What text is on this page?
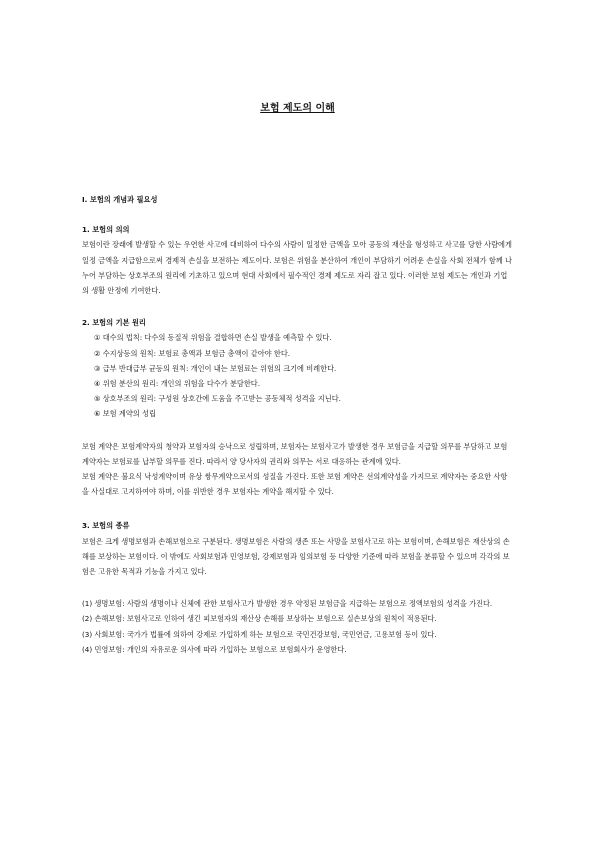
보험 제도의 이해

Ⅰ. 보험의 개념과 필요성

1. 보험의 의의

보험이란 장래에 발생할 수 있는 우연한 사고에 대비하여 다수의 사람이 일정한 금액을 모아 공동의 재산을 형성하고 사고를 당한 사람에게 일정 금액을 지급함으로써 경제적 손실을 보전하는 제도이다. 보험은 위험을 분산하여 개인이 부담하기 어려운 손실을 사회 전체가 함께 나누어 부담하는 상호부조의 원리에 기초하고 있으며 현대 사회에서 필수적인 경제 제도로 자리 잡고 있다. 이러한 보험 제도는 개인과 기업의 생활 안정에 기여한다.

2. 보험의 기본 원리

① 대수의 법칙: 다수의 동질적 위험을 결합하면 손실 발생을 예측할 수 있다.

② 수지상등의 원칙: 보험료 총액과 보험금 총액이 같아야 한다.

③ 급부 반대급부 균등의 원칙: 개인이 내는 보험료는 위험의 크기에 비례한다.

④ 위험 분산의 원리: 개인의 위험을 다수가 분담한다.

⑤ 상호부조의 원리: 구성원 상호간에 도움을 주고받는 공동체적 성격을 지닌다.

⑥ 보험 계약의 성립

보험 계약은 보험계약자의 청약과 보험자의 승낙으로 성립하며, 보험자는 보험사고가 발생한 경우 보험금을 지급할 의무를 부담하고 보험계약자는 보험료를 납부할 의무를 진다. 따라서 양 당사자의 권리와 의무는 서로 대응하는 관계에 있다.

보험 계약은 불요식 낙성계약이며 유상 쌍무계약으로서의 성질을 가진다. 또한 보험 계약은 선의계약성을 가지므로 계약자는 중요한 사항을 사실대로 고지하여야 하며, 이를 위반한 경우 보험자는 계약을 해지할 수 있다.

3. 보험의 종류

보험은 크게 생명보험과 손해보험으로 구분된다. 생명보험은 사람의 생존 또는 사망을 보험사고로 하는 보험이며, 손해보험은 재산상의 손해를 보상하는 보험이다. 이 밖에도 사회보험과 민영보험, 강제보험과 임의보험 등 다양한 기준에 따라 보험을 분류할 수 있으며 각각의 보험은 고유한 목적과 기능을 가지고 있다.

(1) 생명보험: 사람의 생명이나 신체에 관한 보험사고가 발생한 경우 약정된 보험금을 지급하는 보험으로 정액보험의 성격을 가진다.

(2) 손해보험: 보험사고로 인하여 생긴 피보험자의 재산상 손해를 보상하는 보험으로 실손보상의 원칙이 적용된다.

(3) 사회보험: 국가가 법률에 의하여 강제로 가입하게 하는 보험으로 국민건강보험, 국민연금, 고용보험 등이 있다.

(4) 민영보험: 개인의 자유로운 의사에 따라 가입하는 보험으로 보험회사가 운영한다.
